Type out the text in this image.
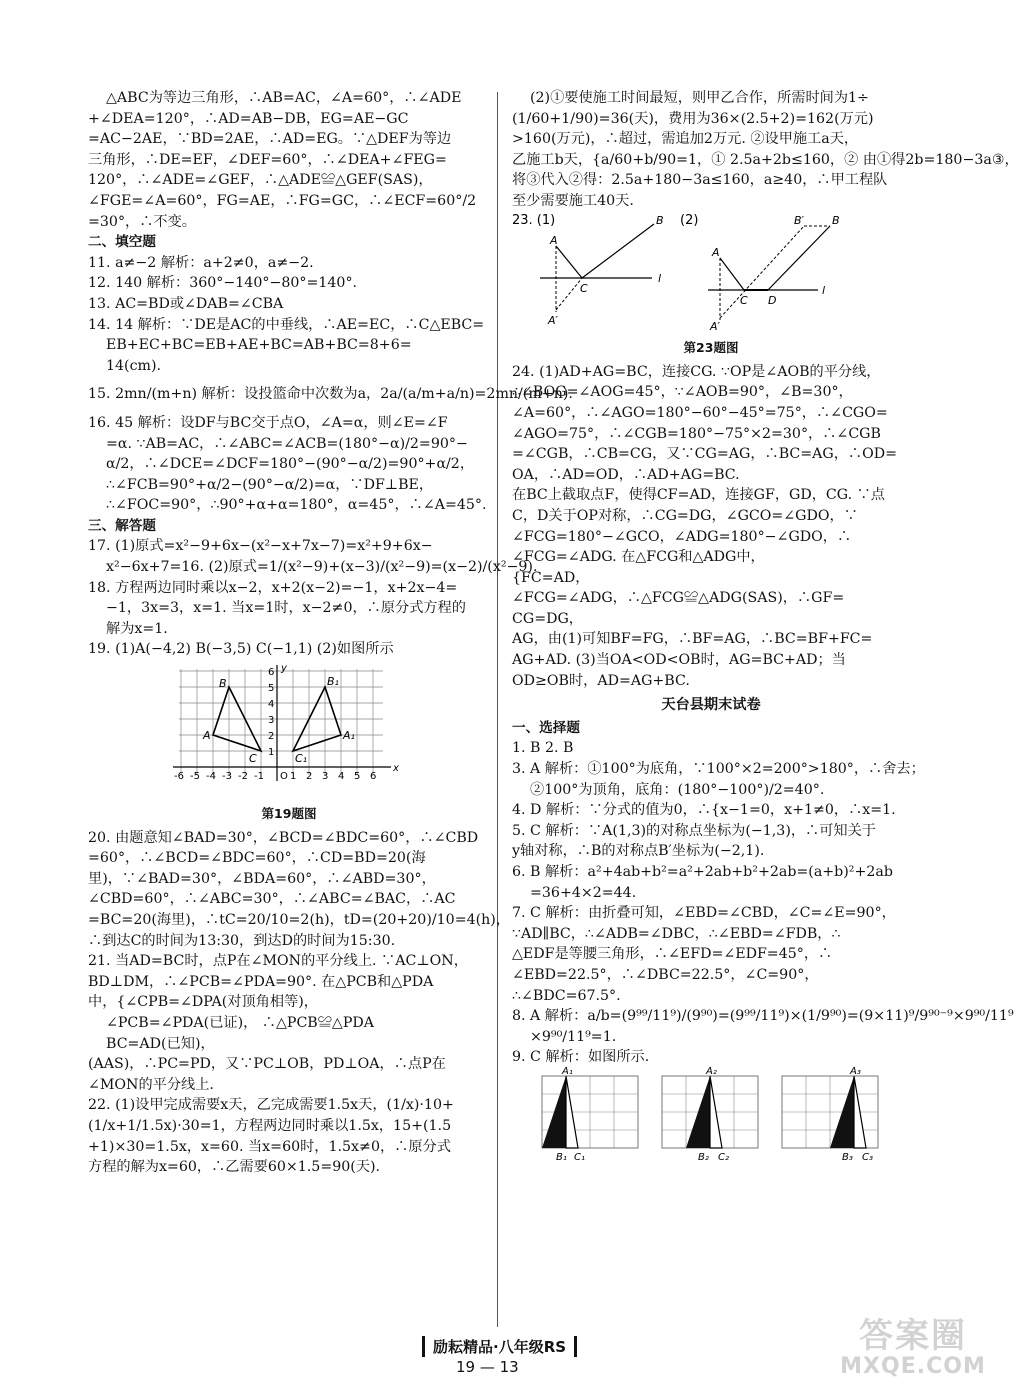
△ABC为等边三角形，∴AB=AC，∠A=60°，∴∠ADE
+∠DEA=120°，∴AD=AB−DB，EG=AE−GC
=AC−2AE，∵BD=2AE，∴AD=EG。∵△DEF为等边
三角形，∴DE=EF，∠DEF=60°，∴∠DEA+∠FEG=
120°，∴∠ADE=∠GEF，∴△ADE≌△GEF(SAS)，
∠FGE=∠A=60°，FG=AE，∴FG=GC，∴∠ECF=60°/2
=30°，∴不变。
二、填空题
11. a≠−2 解析：a+2≠0，a≠−2.
12. 140 解析：360°−140°−80°=140°.
13. AC=BD或∠DAB=∠CBA
14. 14 解析：∵DE是AC的中垂线，∴AE=EC，∴C△EBC=
EB+EC+BC=EB+AE+BC=AB+BC=8+6=
14(cm).
15. 2mn/(m+n) 解析：设投篮命中次数为a，2a/(a/m+a/n)=2mn/(m+n).
16. 45 解析：设DF与BC交于点O，∠A=α，则∠E=∠F
=α. ∵AB=AC，∴∠ABC=∠ACB=(180°−α)/2=90°−
α/2，∴∠DCE=∠DCF=180°−(90°−α/2)=90°+α/2，
∴∠FCB=90°+α/2−(90°−α/2)=α，∵DF⊥BE，
∴∠FOC=90°，∴90°+α+α=180°，α=45°，∴∠A=45°.
三、解答题
17. (1)原式=x²−9+6x−(x²−x+7x−7)=x²+9+6x−
x²−6x+7=16. (2)原式=1/(x²−9)+(x−3)/(x²−9)=(x−2)/(x²−9).
18. 方程两边同时乘以x−2，x+2(x−2)=−1，x+2x−4=
−1，3x=3，x=1. 当x=1时，x−2≠0，∴原分式方程的
解为x=1.
19. (1)A(−4,2) B(−3,5) C(−1,1) (2)如图所示
A
B
C
A₁
B₁
C₁
-6 -5 -4 -3 -2 -1 O 1 2 3 4 5 6
x
6
5
4
3
2
1
y
第19题图
20. 由题意知∠BAD=30°，∠BCD=∠BDC=60°，∴∠CBD
=60°，∴∠BCD=∠BDC=60°，∴CD=BD=20(海
里)，∵∠BAD=30°，∠BDA=60°，∴∠ABD=30°，
∠CBD=60°，∴∠ABC=30°，∴∠ABC=∠BAC，∴AC
=BC=20(海里)，∴tC=20/10=2(h)，tD=(20+20)/10=4(h)，
∴到达C的时间为13:30，到达D的时间为15:30.
21. 当AD=BC时，点P在∠MON的平分线上. ∵AC⊥ON，
BD⊥DM，∴∠PCB=∠PDA=90°. 在△PCB和△PDA
中，{∠CPB=∠DPA(对顶角相等)，
∠PCB=∠PDA(已证)， ∴△PCB≌△PDA
BC=AD(已知)，
(AAS)，∴PC=PD，又∵PC⊥OB，PD⊥OA，∴点P在
∠MON的平分线上.
22. (1)设甲完成需要x天，乙完成需要1.5x天，(1/x)·10+
(1/x+1/1.5x)·30=1，方程两边同时乘以1.5x，15+(1.5
+1)×30=1.5x，x=60. 当x=60时，1.5x≠0，∴原分式
方程的解为x=60，∴乙需要60×1.5=90(天).
(2)①要使施工时间最短，则甲乙合作，所需时间为1÷
(1/60+1/90)=36(天)，费用为36×(2.5+2)=162(万元)
>160(万元)，∴超过，需追加2万元. ②设甲施工a天，
乙施工b天，{a/60+b/90=1，① 2.5a+2b≤160，② 由①得2b=180−3a③，
将③代入②得：2.5a+180−3a≤160，a≥40，∴甲工程队
至少需要施工40天.
23. (1)	(2)
A
B
C
A′
l
A
B′	B
C D
A′
l
第23题图
24. (1)AD+AG=BC，连接CG. ∵OP是∠AOB的平分线，
∴∠BOG=∠AOG=45°，∵∠AOB=90°，∠B=30°，
∠A=60°，∴∠AGO=180°−60°−45°=75°，∴∠CGO=
∠AGO=75°，∴∠CGB=180°−75°×2=30°，∴∠CGB
=∠CGB，∴CB=CG，又∵CG=AG，∴BC=AG，∴OD=
OA，∴AD=OD，∴AD+AG=BC.
在BC上截取点F，使得CF=AD，连接GF，GD，CG. ∵点
C，D关于OP对称，∴CG=DG，∠GCO=∠GDO，∵
∠FCG=180°−∠GCO，∠ADG=180°−∠GDO，∴
∠FCG=∠ADG. 在△FCG和△ADG中，
{FC=AD，
∠FCG=∠ADG，∴△FCG≌△ADG(SAS)，∴GF=
CG=DG，
AG，由(1)可知BF=FG，∴BF=AG，∴BC=BF+FC=
AG+AD. (3)当OA<OD<OB时，AG=BC+AD；当
OD≥OB时，AD=AG+BC.
天台县期末试卷
一、选择题
1. B 2. B
3. A 解析：①100°为底角，∵100°×2=200°>180°，∴舍去；
②100°为顶角，底角：(180°−100°)/2=40°.
4. D 解析：∵分式的值为0，∴{x−1=0，x+1≠0，∴x=1.
5. C 解析：∵A(1,3)的对称点坐标为(−1,3)，∴可知关于
y轴对称，∴B的对称点B′坐标为(−2,1).
6. B 解析：a²+4ab+b²=a²+2ab+b²+2ab=(a+b)²+2ab
=36+4×2=44.
7. C 解析：由折叠可知，∠EBD=∠CBD，∠C=∠E=90°，
∵AD∥BC，∴∠ADB=∠DBC，∴∠EBD=∠FDB，∴
△EDF是等腰三角形，∴∠EFD=∠EDF=45°，∴
∠EBD=22.5°，∴∠DBC=22.5°，∠C=90°，
∴∠BDC=67.5°.
8. A 解析：a/b=(9⁹⁹/11⁹)/(9⁹⁰)=(9⁹⁹/11⁹)×(1/9⁹⁰)=(9×11)⁹/9⁹⁰⁻⁹×9⁹⁰/11⁹
×9⁹⁰/11⁹=1.
9. C 解析：如图所示.
A₁
B₁ C₁
A₂
B₂ C₂
A₃
B₃ C₃
励耘精品·八年级RS
19 — 13
答案圈
MXQE.COM
